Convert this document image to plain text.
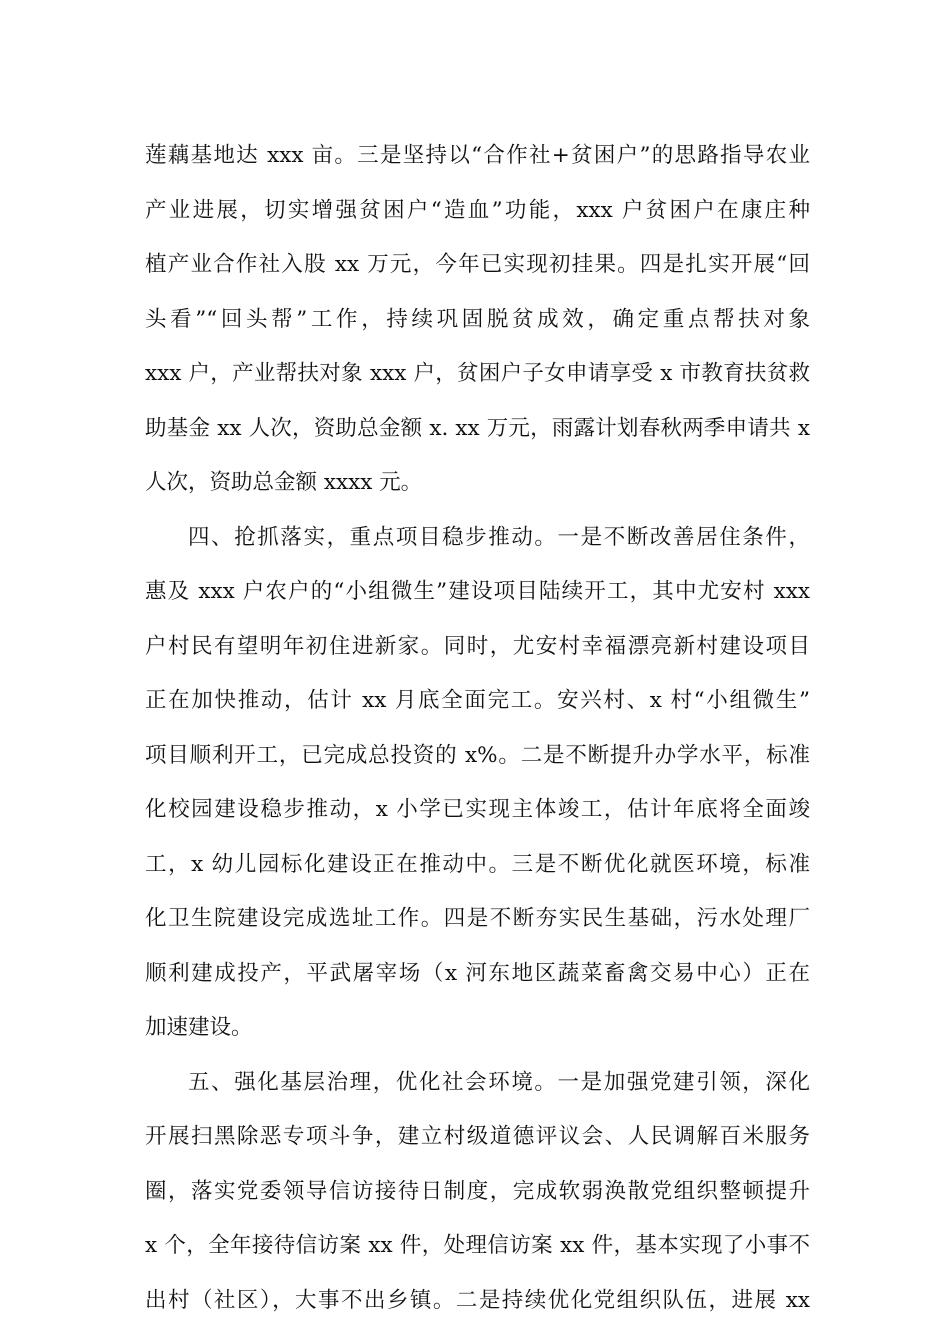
莲藕基地达 xxx 亩。三是坚持以“合作社+贫困户”的思路指导农业
产业进展，切实增强贫困户“造血”功能，xxx 户贫困户在康庄种
植产业合作社入股 xx 万元，今年已实现初挂果。四是扎实开展“回
头看”“回头帮”工作，持续巩固脱贫成效，确定重点帮扶对象
xxx 户，产业帮扶对象 xxx 户，贫困户子女申请享受 x 市教育扶贫救
助基金 xx 人次，资助总金额 x. xx 万元，雨露计划春秋两季申请共 x
人次，资助总金额 xxxx 元。
四、抢抓落实，重点项目稳步推动。一是不断改善居住条件，
惠及 xxx 户农户的“小组微生”建设项目陆续开工，其中尤安村 xxx
户村民有望明年初住进新家。同时，尤安村幸福漂亮新村建设项目
正在加快推动，估计 xx 月底全面完工。安兴村、x 村“小组微生”
项目顺利开工，已完成总投资的 x%。二是不断提升办学水平，标准
化校园建设稳步推动，x 小学已实现主体竣工，估计年底将全面竣
工，x 幼儿园标化建设正在推动中。三是不断优化就医环境，标准
化卫生院建设完成选址工作。四是不断夯实民生基础，污水处理厂
顺利建成投产，平武屠宰场（x 河东地区蔬菜畜禽交易中心）正在
加速建设。
五、强化基层治理，优化社会环境。一是加强党建引领，深化
开展扫黑除恶专项斗争，建立村级道德评议会、人民调解百米服务
圈，落实党委领导信访接待日制度，完成软弱涣散党组织整顿提升
x 个，全年接待信访案 xx 件，处理信访案 xx 件，基本实现了小事不
出村（社区），大事不出乡镇。二是持续优化党组织队伍，进展 xx
